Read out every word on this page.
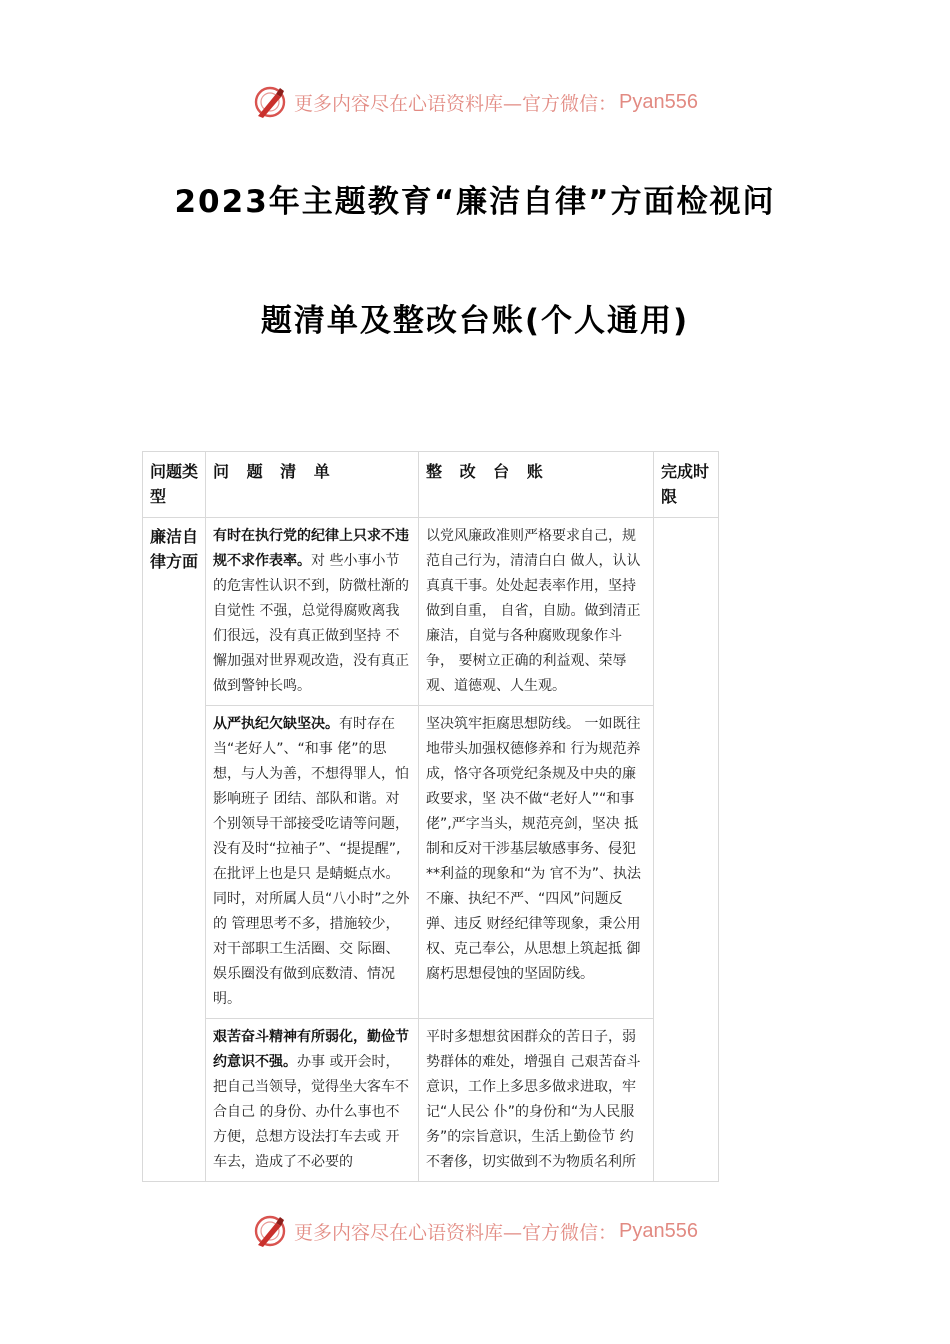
更多内容尽在心语资料库—官方微信： Pyan556
2023年主题教育“廉洁自律”方面检视问
题清单及整改台账(个人通用)
问题类型	问 题 清 单	整 改 台 账	完成时限
廉洁自律方面	有时在执行党的纪律上只求不违规不求作表率。对 些小事小节的危害性认识不到，防微杜渐的自觉性 不强，总觉得腐败离我们很远，没有真正做到坚持 不懈加强对世界观改造，没有真正做到警钟长鸣。	以党风廉政准则严格要求自己，规范自己行为，清清白白 做人，认认真真干事。处处起表率作用，坚持做到自重， 自省，自励。做到清正廉洁，自觉与各种腐败现象作斗争， 要树立正确的利益观、荣辱观、道德观、人生观。	
	从严执纪欠缺坚决。有时存在当“老好人”、“和事 佬”的思想，与人为善，不想得罪人，怕影响班子 团结、部队和谐。对个别领导干部接受吃请等问题，没有及时“拉袖子”、“提提醒”,在批评上也是只 是蜻蜓点水。同时，对所属人员“八小时”之外的 管理思考不多，措施较少，对干部职工生活圈、交 际圈、娱乐圈没有做到底数清、情况明。	坚决筑牢拒腐思想防线。 一如既往地带头加强权德修养和 行为规范养成，恪守各项党纪条规及中央的廉政要求，坚 决不做“老好人”“和事佬”,严字当头，规范亮剑，坚决 抵制和反对干涉基层敏感事务、侵犯**利益的现象和“为 官不为”、执法不廉、执纪不严、“四风”问题反弹、违反 财经纪律等现象，秉公用权、克己奉公，从思想上筑起抵 御腐朽思想侵蚀的坚固防线。	

	艰苦奋斗精神有所弱化，勤俭节约意识不强。办事 或开会时，把自己当领导，觉得坐大客车不合自己 的身份、办什么事也不方便，总想方设法打车去或 开车去，造成了不必要的	平时多想想贫困群众的苦日子，弱势群体的难处，增强自 己艰苦奋斗意识，工作上多思多做求进取，牢记“人民公 仆”的身份和“为人民服务”的宗旨意识，生活上勤俭节 约不奢侈，切实做到不为物质名利所	
更多内容尽在心语资料库—官方微信： Pyan556
